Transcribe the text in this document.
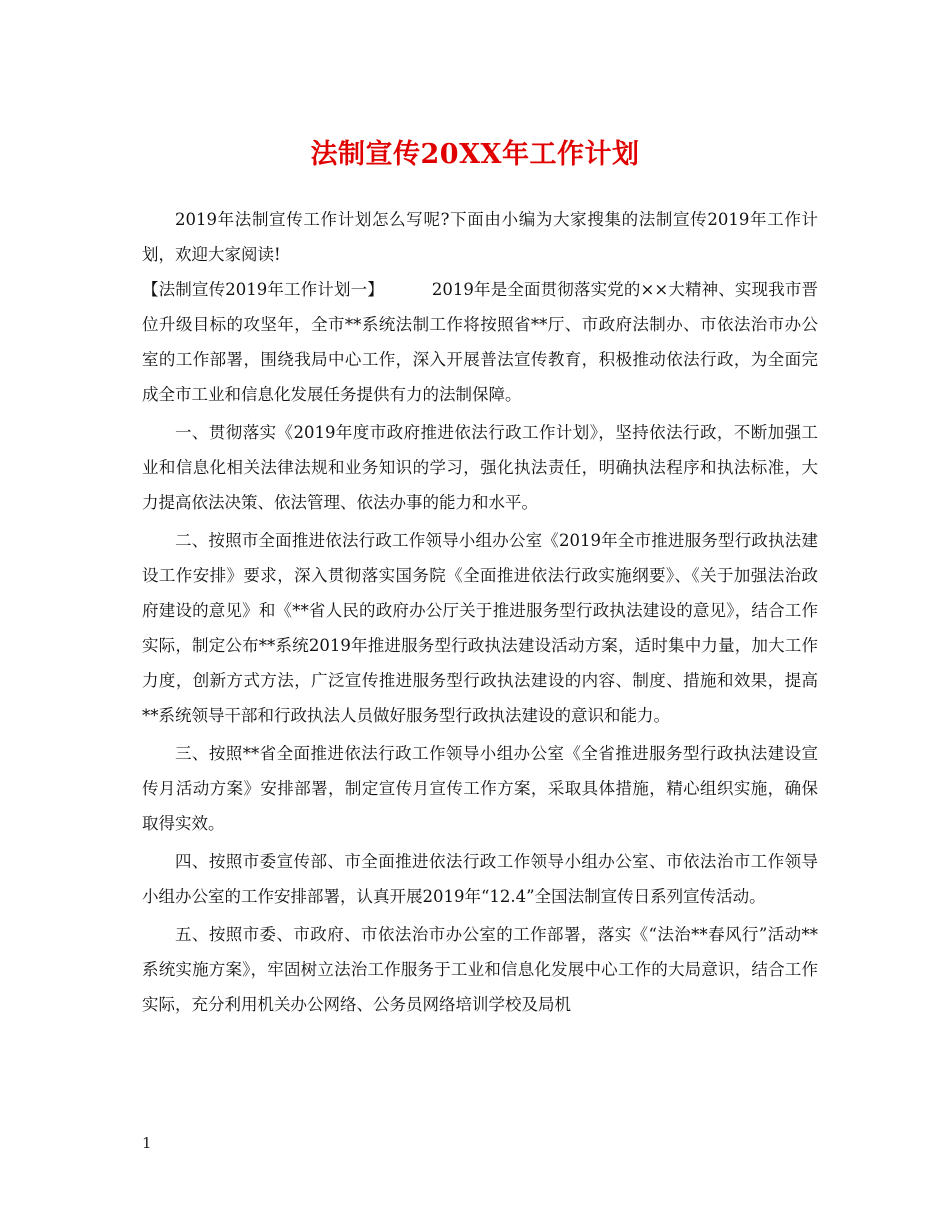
法制宣传20XX年工作计划

2019年法制宣传工作计划怎么写呢?下面由小编为大家搜集的法制宣传2019年工作计划，欢迎大家阅读!

【法制宣传2019年工作计划一】	2019年是全面贯彻落实党的××大精神、实现我市晋位升级目标的攻坚年，全市**系统法制工作将按照省**厅、市政府法制办、市依法治市办公室的工作部署，围绕我局中心工作，深入开展普法宣传教育，积极推动依法行政，为全面完成全市工业和信息化发展任务提供有力的法制保障。

一、贯彻落实《2019年度市政府推进依法行政工作计划》，坚持依法行政，不断加强工业和信息化相关法律法规和业务知识的学习，强化执法责任，明确执法程序和执法标准，大力提高依法决策、依法管理、依法办事的能力和水平。

二、按照市全面推进依法行政工作领导小组办公室《2019年全市推进服务型行政执法建设工作安排》要求，深入贯彻落实国务院《全面推进依法行政实施纲要》、《关于加强法治政府建设的意见》和《**省人民的政府办公厅关于推进服务型行政执法建设的意见》，结合工作实际，制定公布**系统2019年推进服务型行政执法建设活动方案，适时集中力量，加大工作力度，创新方式方法，广泛宣传推进服务型行政执法建设的内容、制度、措施和效果，提高**系统领导干部和行政执法人员做好服务型行政执法建设的意识和能力。

三、按照**省全面推进依法行政工作领导小组办公室《全省推进服务型行政执法建设宣传月活动方案》安排部署，制定宣传月宣传工作方案，采取具体措施，精心组织实施，确保取得实效。

四、按照市委宣传部、市全面推进依法行政工作领导小组办公室、市依法治市工作领导小组办公室的工作安排部署，认真开展2019年“12.4”全国法制宣传日系列宣传活动。

五、按照市委、市政府、市依法治市办公室的工作部署，落实《“法治**春风行”活动**系统实施方案》，牢固树立法治工作服务于工业和信息化发展中心工作的大局意识，结合工作实际，充分利用机关办公网络、公务员网络培训学校及局机

1
